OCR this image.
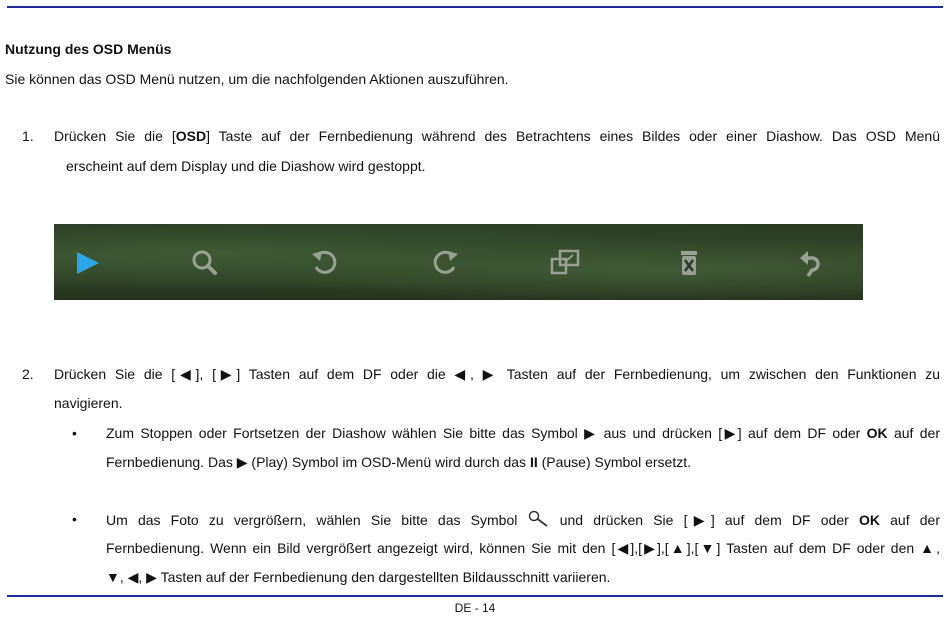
Nutzung des OSD Menüs
Sie können das OSD Menü nutzen, um die nachfolgenden Aktionen auszuführen.
1. Drücken Sie die [OSD] Taste auf der Fernbedienung während des Betrachtens eines Bildes oder einer Diashow. Das OSD Menü
erscheint auf dem Display und die Diashow wird gestoppt.
2. Drücken Sie die [◀], [▶] Tasten auf dem DF oder die ◀, ▶ Tasten auf der Fernbedienung, um zwischen den Funktionen zu
navigieren.
• Zum Stoppen oder Fortsetzen der Diashow wählen Sie bitte das Symbol ▶ aus und drücken [▶] auf dem DF oder OK auf der
Fernbedienung. Das ▶ (Play) Symbol im OSD-Menü wird durch das II (Pause) Symbol ersetzt.
• Um das Foto zu vergrößern, wählen Sie bitte das Symbol	und drücken Sie [▶] auf dem DF oder OK auf der
Fernbedienung. Wenn ein Bild vergrößert angezeigt wird, können Sie mit den [◀],[▶],[▲],[▼] Tasten auf dem DF oder den ▲,
▼, ◀, ▶ Tasten auf der Fernbedienung den dargestellten Bildausschnitt variieren.
DE - 14
